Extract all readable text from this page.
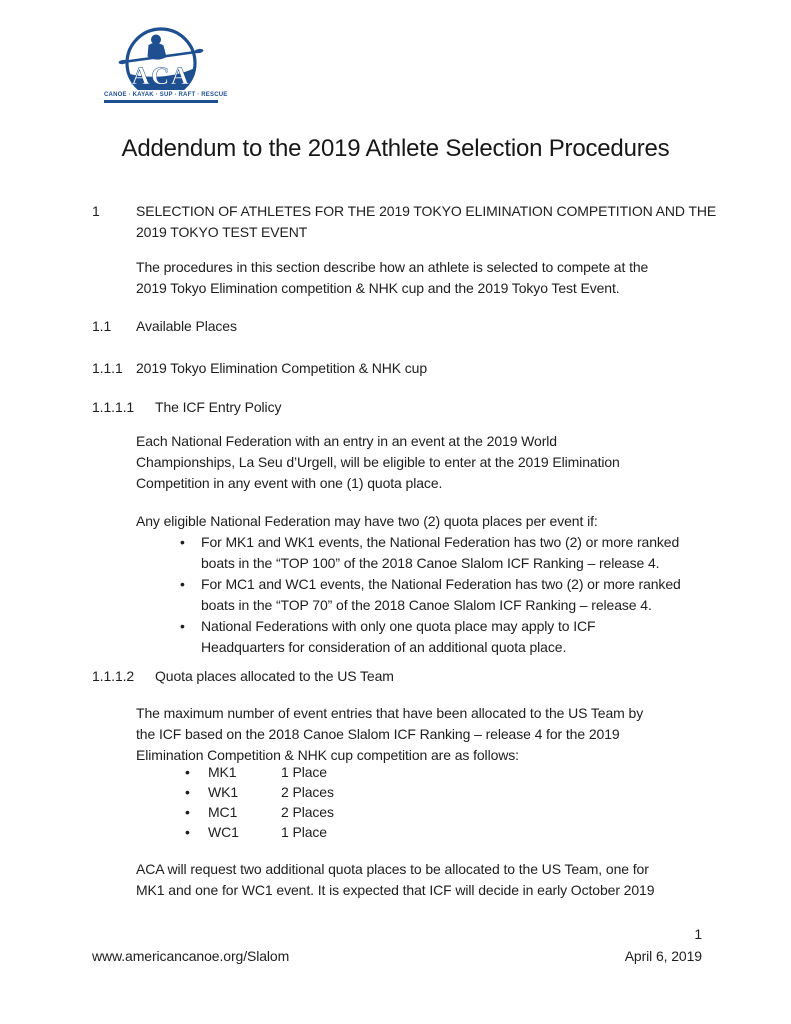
ACA
CANOE · KAYAK · SUP · RAFT · RESCUE
Addendum to the 2019 Athlete Selection Procedures
1	SELECTION OF ATHLETES FOR THE 2019 TOKYO ELIMINATION COMPETITION AND THE
2019 TOKYO TEST EVENT
The procedures in this section describe how an athlete is selected to compete at the
2019 Tokyo Elimination competition & NHK cup and the 2019 Tokyo Test Event.
1.1 Available Places
1.1.1 2019 Tokyo Elimination Competition & NHK cup
1.1.1.1 The ICF Entry Policy
Each National Federation with an entry in an event at the 2019 World
Championships, La Seu d’Urgell, will be eligible to enter at the 2019 Elimination
Competition in any event with one (1) quota place.
Any eligible National Federation may have two (2) quota places per event if:
• For MK1 and WK1 events, the National Federation has two (2) or more ranked
boats in the “TOP 100” of the 2018 Canoe Slalom ICF Ranking – release 4.
• For MC1 and WC1 events, the National Federation has two (2) or more ranked
boats in the “TOP 70” of the 2018 Canoe Slalom ICF Ranking – release 4.
• National Federations with only one quota place may apply to ICF
Headquarters for consideration of an additional quota place.
1.1.1.2 Quota places allocated to the US Team
The maximum number of event entries that have been allocated to the US Team by
the ICF based on the 2018 Canoe Slalom ICF Ranking – release 4 for the 2019
Elimination Competition & NHK cup competition are as follows:
• MK1	1 Place
• WK1	2 Places
• MC1	2 Places
• WC1	1 Place
ACA will request two additional quota places to be allocated to the US Team, one for
MK1 and one for WC1 event. It is expected that ICF will decide in early October 2019
1
www.americancanoe.org/Slalom	April 6, 2019
